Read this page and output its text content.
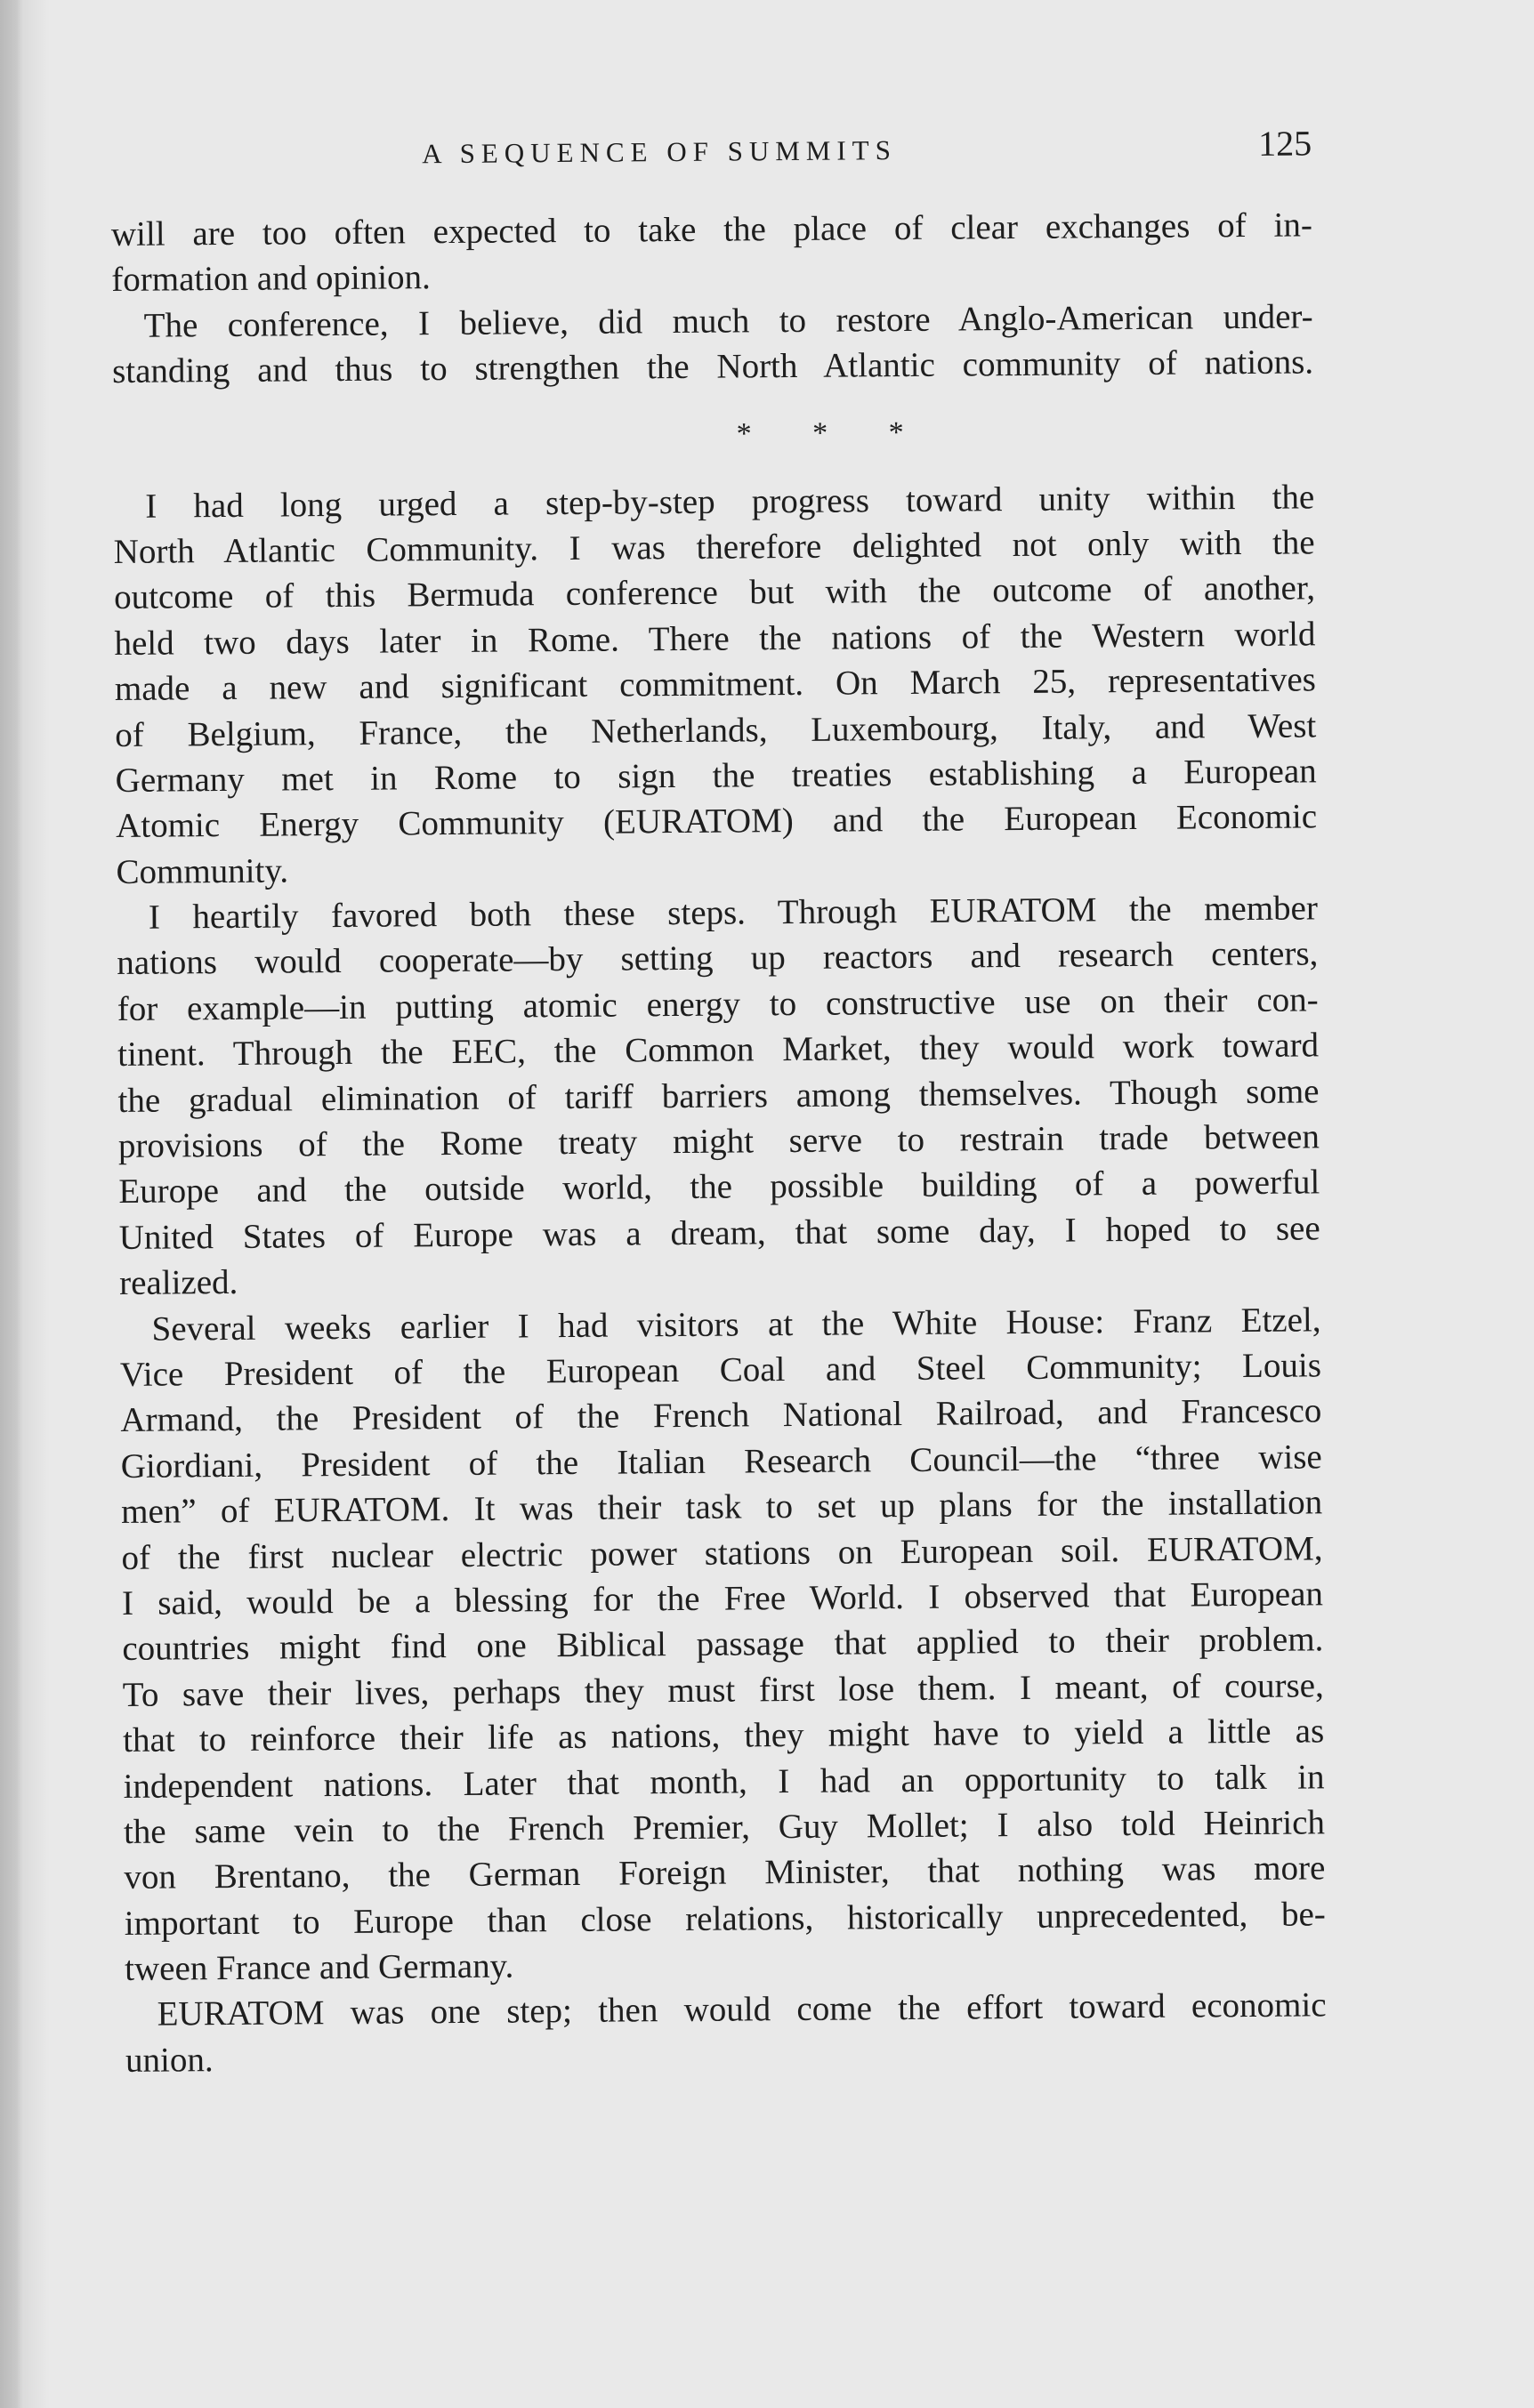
A SEQUENCE OF SUMMITS	125
will are too often expected to take the place of clear exchanges of in-
formation and opinion.
The conference, I believe, did much to restore Anglo-American under-
standing and thus to strengthen the North Atlantic community of nations.
* * *
I had long urged a step-by-step progress toward unity within the
North Atlantic Community. I was therefore delighted not only with the
outcome of this Bermuda conference but with the outcome of another,
held two days later in Rome. There the nations of the Western world
made a new and significant commitment. On March 25, representatives
of Belgium, France, the Netherlands, Luxembourg, Italy, and West
Germany met in Rome to sign the treaties establishing a European
Atomic Energy Community (EURATOM) and the European Economic
Community.
I heartily favored both these steps. Through EURATOM the member
nations would cooperate—by setting up reactors and research centers,
for example—in putting atomic energy to constructive use on their con-
tinent. Through the EEC, the Common Market, they would work toward
the gradual elimination of tariff barriers among themselves. Though some
provisions of the Rome treaty might serve to restrain trade between
Europe and the outside world, the possible building of a powerful
United States of Europe was a dream, that some day, I hoped to see
realized.
Several weeks earlier I had visitors at the White House: Franz Etzel,
Vice President of the European Coal and Steel Community; Louis
Armand, the President of the French National Railroad, and Francesco
Giordiani, President of the Italian Research Council—the “three wise
men” of EURATOM. It was their task to set up plans for the installation
of the first nuclear electric power stations on European soil. EURATOM,
I said, would be a blessing for the Free World. I observed that European
countries might find one Biblical passage that applied to their problem.
To save their lives, perhaps they must first lose them. I meant, of course,
that to reinforce their life as nations, they might have to yield a little as
independent nations. Later that month, I had an opportunity to talk in
the same vein to the French Premier, Guy Mollet; I also told Heinrich
von Brentano, the German Foreign Minister, that nothing was more
important to Europe than close relations, historically unprecedented, be-
tween France and Germany.
EURATOM was one step; then would come the effort toward economic
union.
